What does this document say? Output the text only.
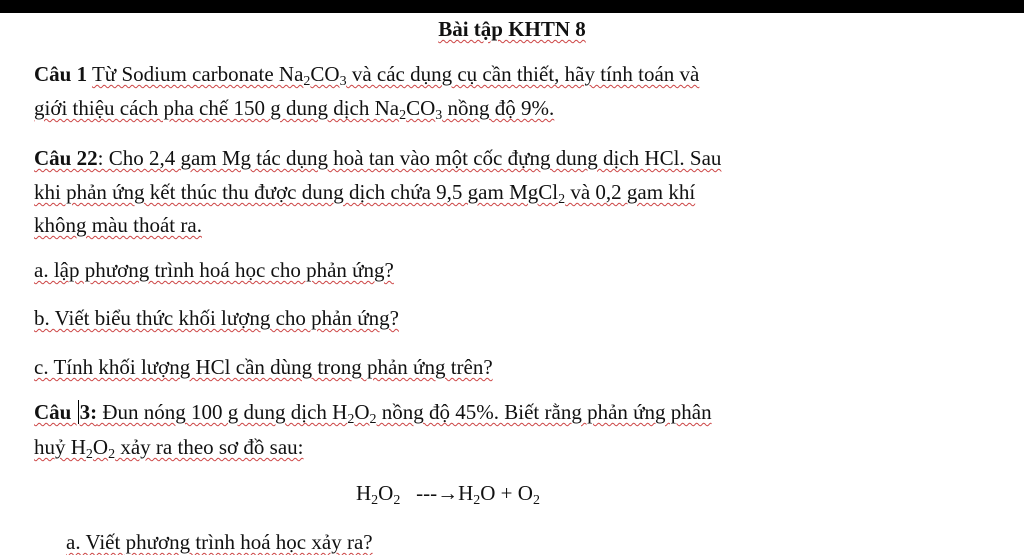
Bài tập KHTN 8
Câu 1 Từ Sodium carbonate $Na_2CO_3$ và các dụng cụ cần thiết, hãy tính toán và
giới thiệu cách pha chế 150 g dung dịch $Na_2CO_3$ nồng độ 9%.
Câu 22: Cho 2,4 gam Mg tác dụng hoà tan vào một cốc đựng dung dịch HCl. Sau
khi phản ứng kết thúc thu được dung dịch chứa 9,5 gam MgCl$_2$ và 0,2 gam khí
không màu thoát ra.
a. lập phương trình hoá học cho phản ứng?
b. Viết biểu thức khối lượng cho phản ứng?
c. Tính khối lượng HCl cần dùng trong phản ứng trên?
Câu 3: Đun nóng 100 g dung dịch $H_2O_2$ nồng độ 45%. Biết rằng phản ứng phân
huỷ $H_2O_2$ xảy ra theo sơ đồ sau:
$H_2O_2$ $---\to H_2O + O_2$
a. Viết phương trình hoá học xảy ra?
